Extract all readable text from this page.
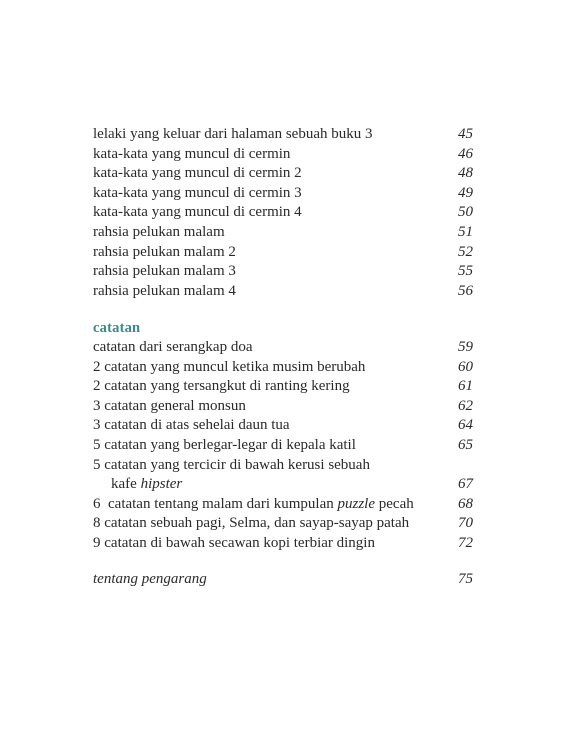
lelaki yang keluar dari halaman sebuah buku 3	45
kata-kata yang muncul di cermin	46
kata-kata yang muncul di cermin 2	48
kata-kata yang muncul di cermin 3	49
kata-kata yang muncul di cermin 4	50
rahsia pelukan malam	51
rahsia pelukan malam 2	52
rahsia pelukan malam 3	55
rahsia pelukan malam 4	56
catatan
catatan dari serangkap doa	59
2 catatan yang muncul ketika musim berubah	60
2 catatan yang tersangkut di ranting kering	61
3 catatan general monsun	62
3 catatan di atas sehelai daun tua	64
5 catatan yang berlegar-legar di kepala katil	65
5 catatan yang tercicir di bawah kerusi sebuah
kafe hipster	67
6  catatan tentang malam dari kumpulan puzzle pecah	68
8 catatan sebuah pagi, Selma, dan sayap-sayap patah	70
9 catatan di bawah secawan kopi terbiar dingin	72
tentang pengarang	75
